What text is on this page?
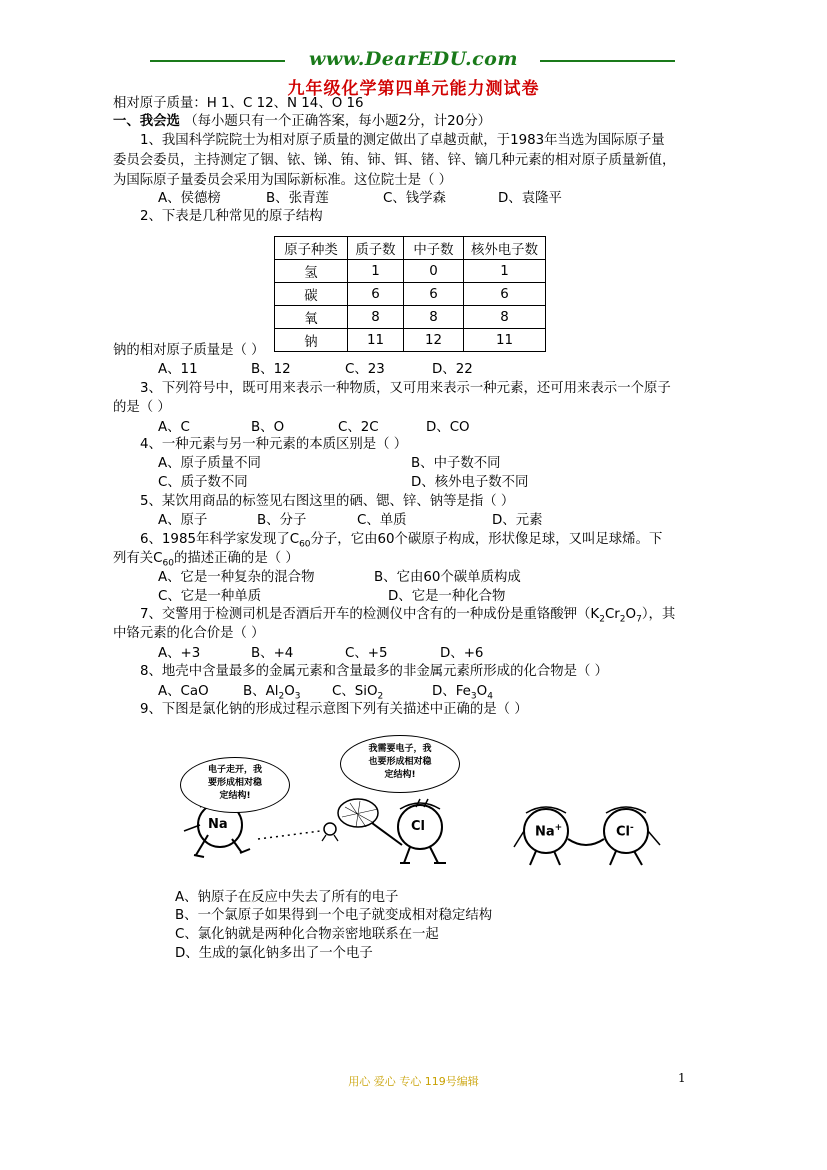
www.DearEDU.com
九年级化学第四单元能力测试卷
相对原子质量：H 1、C 12、N 14、O 16
一、我会选 （每小题只有一个正确答案，每小题2分，计20分）
1、我国科学院院士为相对原子质量的测定做出了卓越贡献，于1983年当选为国际原子量
委员会委员，主持测定了铟、铱、锑、铕、铈、铒、锗、锌、镝几种元素的相对原子质量新值，
为国际原子量委员会采用为国际新标准。这位院士是（ ）
A、侯德榜	B、张青莲	C、钱学森	D、袁隆平
2、下表是几种常见的原子结构
原子种类	质子数	中子数	核外电子数
氢	1	0	1
碳	6	6	6
氧	8	8	8
钠	11	12	11
钠的相对原子质量是（ ）
A、11	B、12	C、23	D、22
3、下列符号中，既可用来表示一种物质，又可用来表示一种元素，还可用来表示一个原子
的是（ ）
A、C	B、O	C、2C	D、CO
4、一种元素与另一种元素的本质区别是（ ）
A、原子质量不同	B、中子数不同
C、质子数不同	D、核外电子数不同
5、某饮用商品的标签见右图这里的硒、锶、锌、钠等是指（ ）
A、原子	B、分子	C、单质	D、元素
6、1985年科学家发现了$C_{60}$分子，它由60个碳原子构成，形状像足球，又叫足球烯。下
列有关$C_{60}$的描述正确的是（ ）
A、它是一种复杂的混合物	B、它由60个碳单质构成
C、它是一种单质	D、它是一种化合物
7、交警用于检测司机是否酒后开车的检测仪中含有的一种成份是重铬酸钾$(K_2Cr_2O_7)$，其
中铬元素的化合价是（ ）
A、+3	B、+4	C、+5	D、+6
8、地壳中含量最多的金属元素和含量最多的非金属元素所形成的化合物是（ ）
A、CaO	B、$Al_2O_3$ C、SiO$_2$	D、$Fe_3O_4$
9、下图是氯化钠的形成过程示意图下列有关描述中正确的是（ ）
电子走开，我
要形成相对稳
定结构!
我需要电子，我
也要形成相对稳
定结构!
Na	Cl	Na+	Cl-
A、钠原子在反应中失去了所有的电子
B、一个氯原子如果得到一个电子就变成相对稳定结构
C、氯化钠就是两种化合物亲密地联系在一起
D、生成的氯化钠多出了一个电子
用心 爱心 专心 119号编辑	1
